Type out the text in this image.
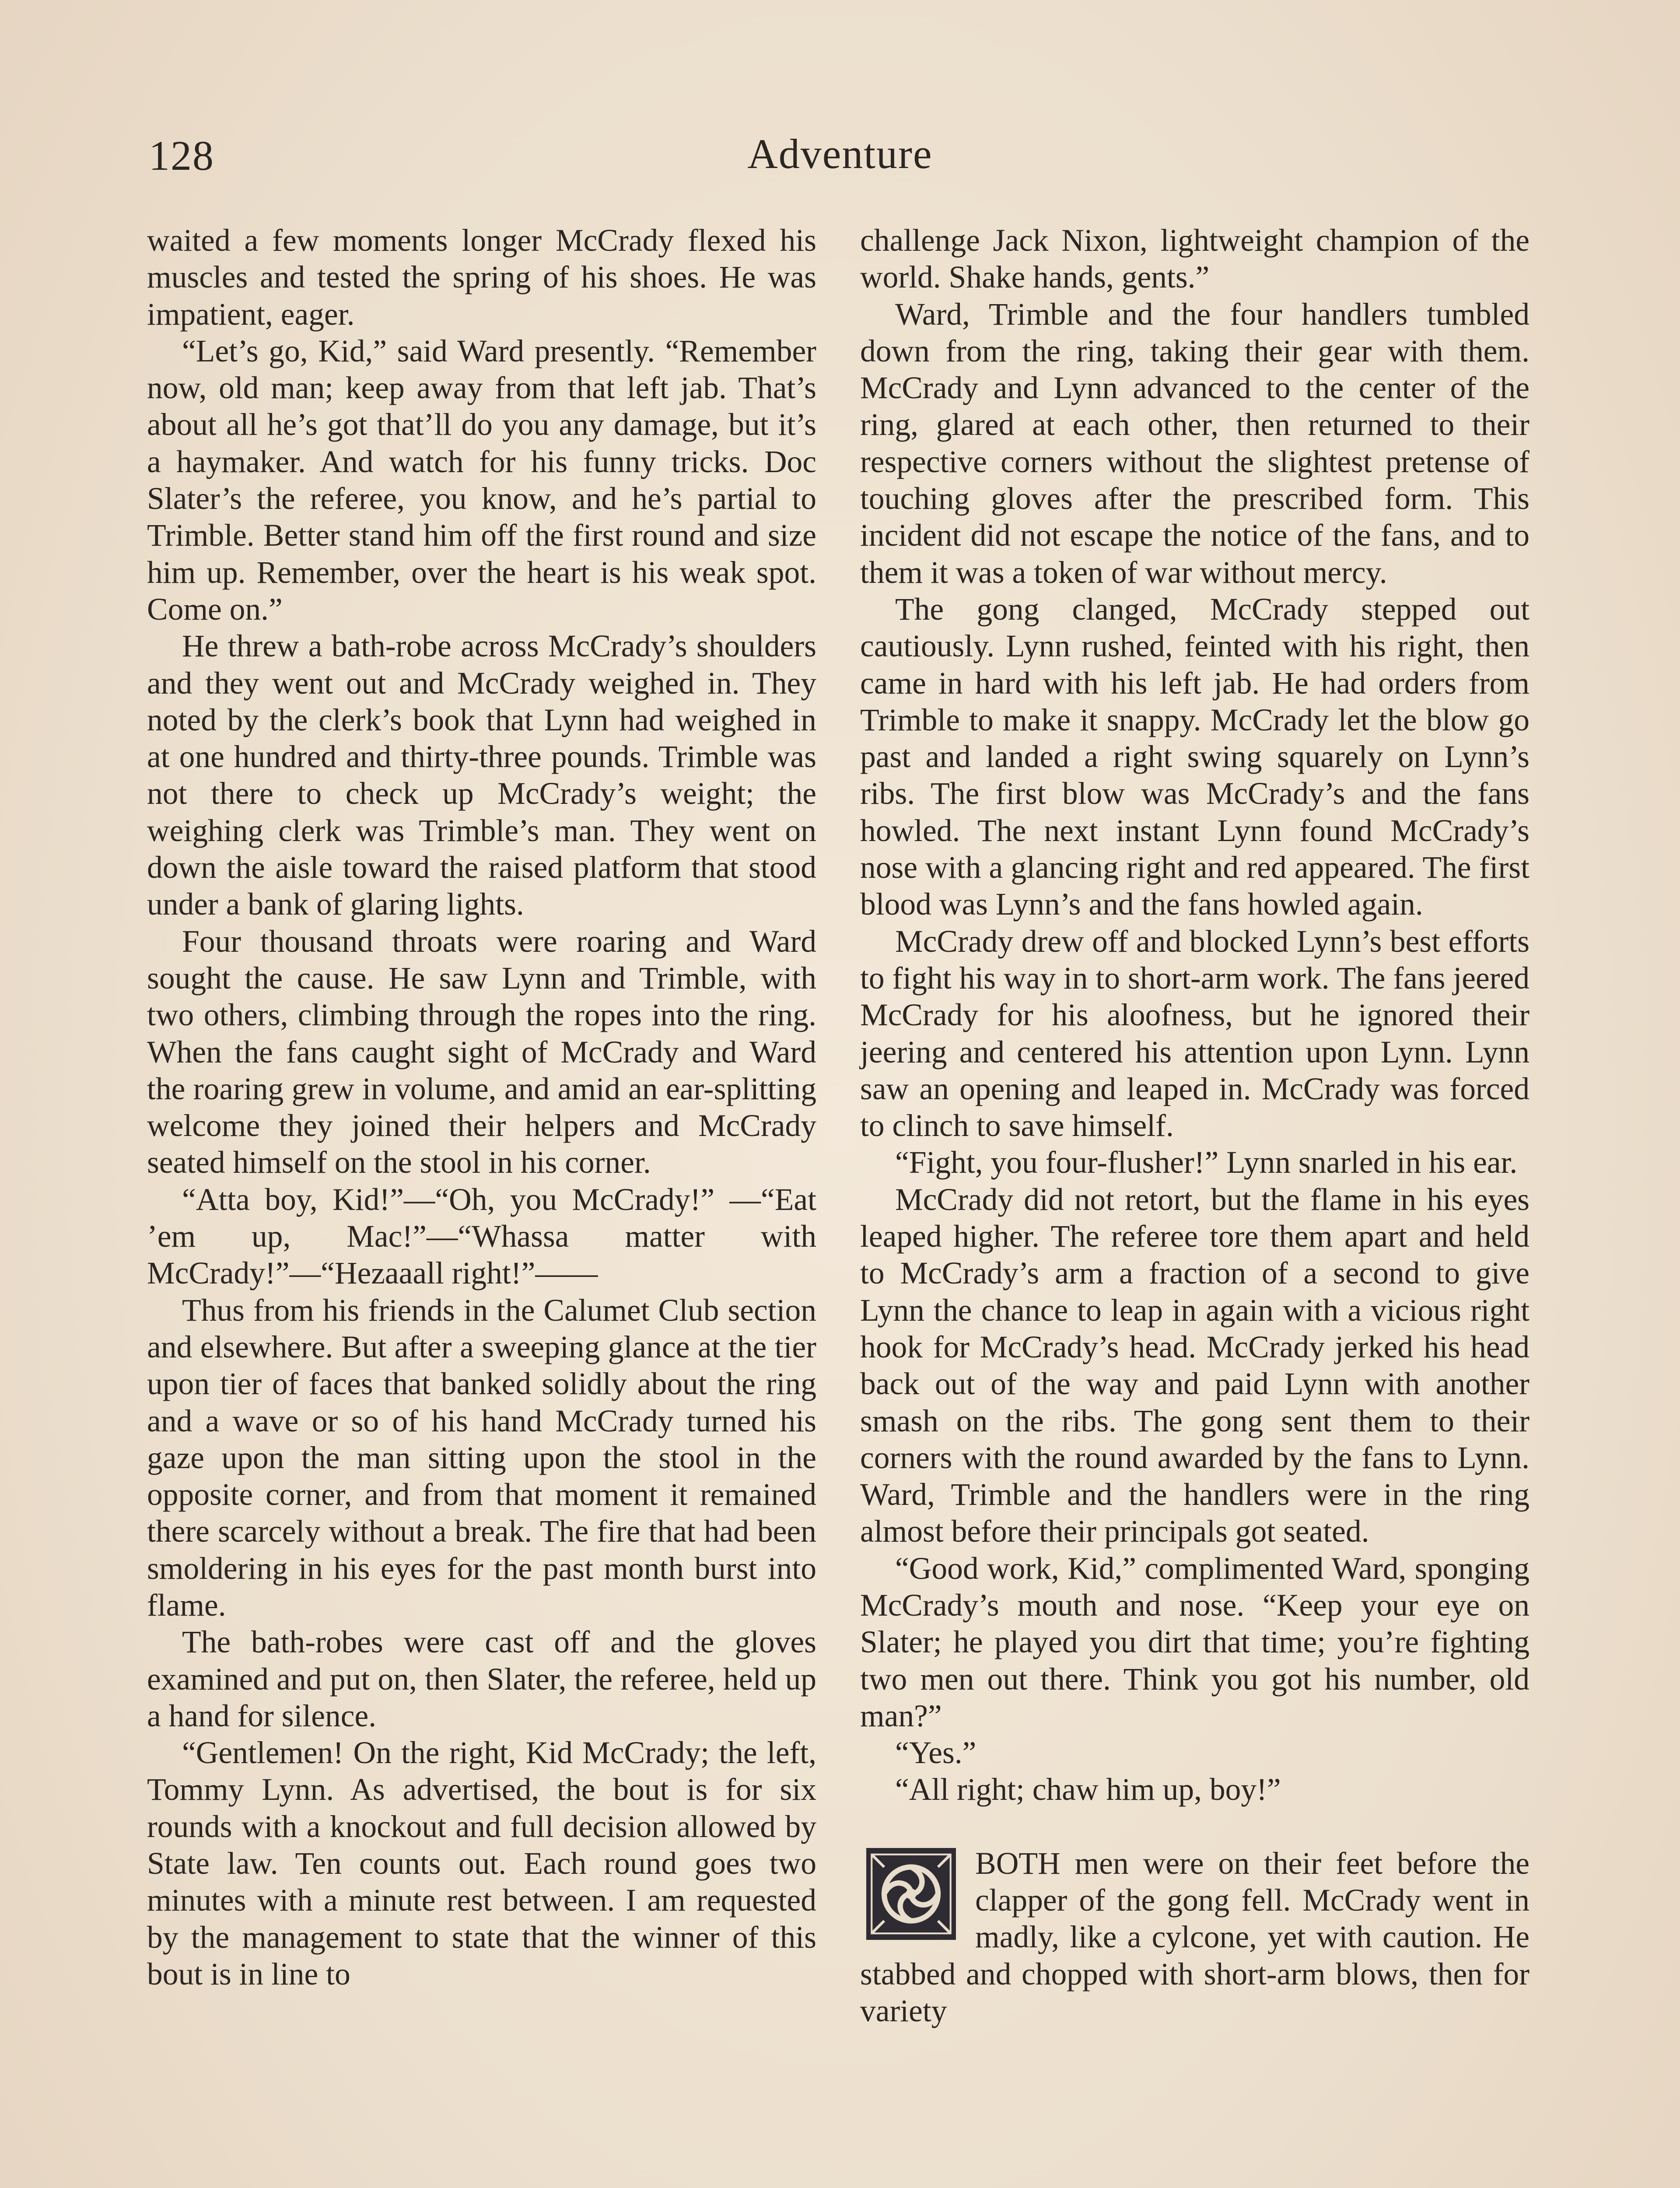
128	Adventure

waited a few moments longer McCrady flexed his muscles and tested the spring of his shoes. He was impatient, eager.

“Let’s go, Kid,” said Ward presently. “Remember now, old man; keep away from that left jab. That’s about all he’s got that’ll do you any damage, but it’s a haymaker. And watch for his funny tricks. Doc Slater’s the referee, you know, and he’s partial to Trimble. Better stand him off the first round and size him up. Remember, over the heart is his weak spot. Come on.”

He threw a bath-robe across McCrady’s shoulders and they went out and McCrady weighed in. They noted by the clerk’s book that Lynn had weighed in at one hundred and thirty-three pounds. Trimble was not there to check up McCrady’s weight; the weighing clerk was Trimble’s man. They went on down the aisle toward the raised platform that stood under a bank of glaring lights.

Four thousand throats were roaring and Ward sought the cause. He saw Lynn and Trimble, with two others, climbing through the ropes into the ring. When the fans caught sight of McCrady and Ward the roaring grew in volume, and amid an ear-splitting welcome they joined their helpers and McCrady seated himself on the stool in his corner.

“Atta boy, Kid!”—“Oh, you McCrady!” —“Eat ’em up, Mac!”—“Whassa matter with McCrady!”—“Hezaaall right!”——

Thus from his friends in the Calumet Club section and elsewhere. But after a sweeping glance at the tier upon tier of faces that banked solidly about the ring and a wave or so of his hand McCrady turned his gaze upon the man sitting upon the stool in the opposite corner, and from that moment it remained there scarcely without a break. The fire that had been smoldering in his eyes for the past month burst into flame.

The bath-robes were cast off and the gloves examined and put on, then Slater, the referee, held up a hand for silence.

“Gentlemen! On the right, Kid McCrady; the left, Tommy Lynn. As advertised, the bout is for six rounds with a knockout and full decision allowed by State law. Ten counts out. Each round goes two minutes with a minute rest between. I am requested by the management to state that the winner of this bout is in line to

challenge Jack Nixon, lightweight champion of the world. Shake hands, gents.”

Ward, Trimble and the four handlers tumbled down from the ring, taking their gear with them. McCrady and Lynn advanced to the center of the ring, glared at each other, then returned to their respective corners without the slightest pretense of touching gloves after the prescribed form. This incident did not escape the notice of the fans, and to them it was a token of war without mercy.

The gong clanged, McCrady stepped out cautiously. Lynn rushed, feinted with his right, then came in hard with his left jab. He had orders from Trimble to make it snappy. McCrady let the blow go past and landed a right swing squarely on Lynn’s ribs. The first blow was McCrady’s and the fans howled. The next instant Lynn found McCrady’s nose with a glancing right and red appeared. The first blood was Lynn’s and the fans howled again.

McCrady drew off and blocked Lynn’s best efforts to fight his way in to short-arm work. The fans jeered McCrady for his aloofness, but he ignored their jeering and centered his attention upon Lynn. Lynn saw an opening and leaped in. McCrady was forced to clinch to save himself.

“Fight, you four-flusher!” Lynn snarled in his ear.

McCrady did not retort, but the flame in his eyes leaped higher. The referee tore them apart and held to McCrady’s arm a fraction of a second to give Lynn the chance to leap in again with a vicious right hook for McCrady’s head. McCrady jerked his head back out of the way and paid Lynn with another smash on the ribs. The gong sent them to their corners with the round awarded by the fans to Lynn. Ward, Trimble and the handlers were in the ring almost before their principals got seated.

“Good work, Kid,” complimented Ward, sponging McCrady’s mouth and nose. “Keep your eye on Slater; he played you dirt that time; you’re fighting two men out there. Think you got his number, old man?”

“Yes.”

“All right; chaw him up, boy!”

BOTH men were on their feet before the clapper of the gong fell. McCrady went in madly, like a cylcone, yet with caution. He stabbed and chopped with short-arm blows, then for variety
